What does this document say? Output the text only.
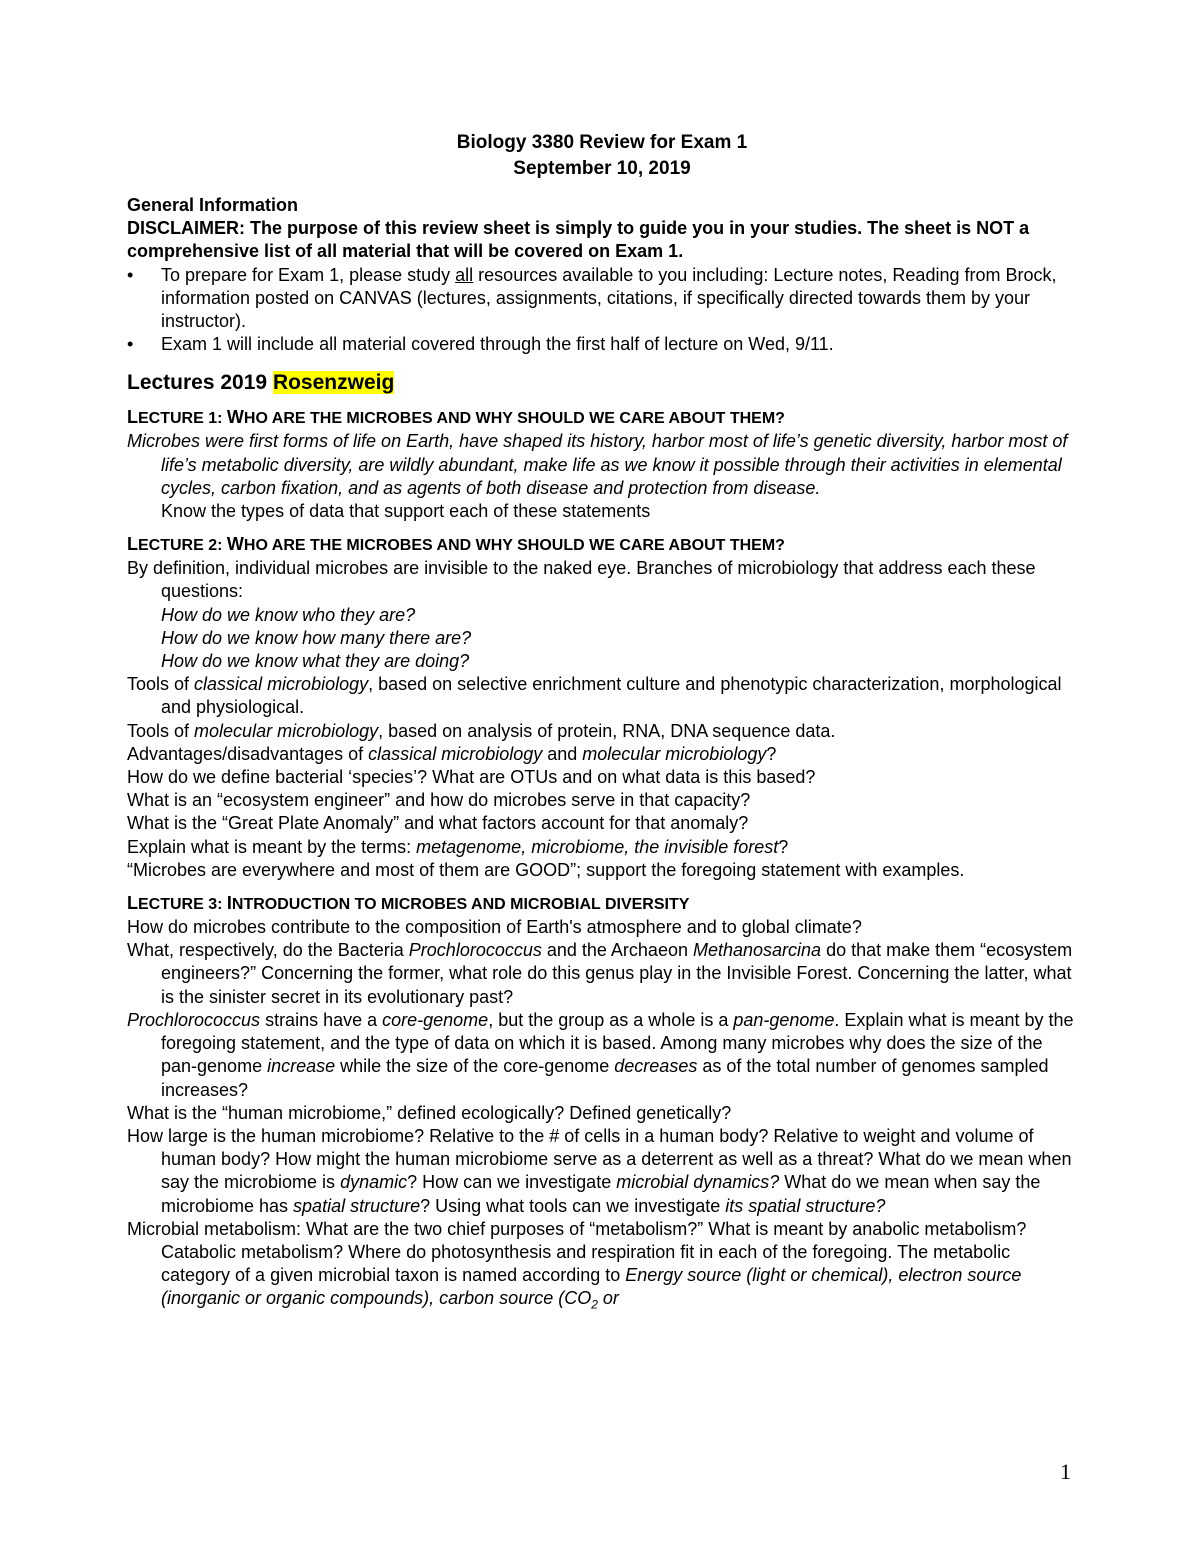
Biology 3380 Review for Exam 1
September 10, 2019
General Information
DISCLAIMER: The purpose of this review sheet is simply to guide you in your studies. The sheet is NOT a comprehensive list of all material that will be covered on Exam 1.
• To prepare for Exam 1, please study all resources available to you including: Lecture notes, Reading from Brock, information posted on CANVAS (lectures, assignments, citations, if specifically directed towards them by your instructor).
• Exam 1 will include all material covered through the first half of lecture on Wed, 9/11.
Lectures 2019 Rosenzweig
LECTURE 1: WHO ARE THE MICROBES AND WHY SHOULD WE CARE ABOUT THEM?

Microbes were first forms of life on Earth, have shaped its history, harbor most of life’s genetic diversity, harbor most of life’s metabolic diversity, are wildly abundant, make life as we know it possible through their activities in elemental cycles, carbon fixation, and as agents of both disease and protection from disease.

Know the types of data that support each of these statements

LECTURE 2: WHO ARE THE MICROBES AND WHY SHOULD WE CARE ABOUT THEM?

By definition, individual microbes are invisible to the naked eye. Branches of microbiology that address each these questions:

How do we know who they are?

How do we know how many there are?

How do we know what they are doing?

Tools of classical microbiology, based on selective enrichment culture and phenotypic characterization, morphological and physiological.

Tools of molecular microbiology, based on analysis of protein, RNA, DNA sequence data.

Advantages/disadvantages of classical microbiology and molecular microbiology?

How do we define bacterial ‘species’? What are OTUs and on what data is this based?

What is an “ecosystem engineer” and how do microbes serve in that capacity?

What is the “Great Plate Anomaly” and what factors account for that anomaly?

Explain what is meant by the terms: metagenome, microbiome, the invisible forest?

“Microbes are everywhere and most of them are GOOD”; support the foregoing statement with examples.

LECTURE 3: INTRODUCTION TO MICROBES AND MICROBIAL DIVERSITY

How do microbes contribute to the composition of Earth's atmosphere and to global climate?

What, respectively, do the Bacteria Prochlorococcus and the Archaeon Methanosarcina do that make them “ecosystem engineers?” Concerning the former, what role do this genus play in the Invisible Forest. Concerning the latter, what is the sinister secret in its evolutionary past?

Prochlorococcus strains have a core-genome, but the group as a whole is a pan-genome. Explain what is meant by the foregoing statement, and the type of data on which it is based. Among many microbes why does the size of the pan-genome increase while the size of the core-genome decreases as of the total number of genomes sampled increases?

What is the “human microbiome,” defined ecologically? Defined genetically?

How large is the human microbiome? Relative to the # of cells in a human body? Relative to weight and volume of human body? How might the human microbiome serve as a deterrent as well as a threat? What do we mean when say the microbiome is dynamic? How can we investigate microbial dynamics? What do we mean when say the microbiome has spatial structure? Using what tools can we investigate its spatial structure?

Microbial metabolism: What are the two chief purposes of “metabolism?” What is meant by anabolic metabolism? Catabolic metabolism? Where do photosynthesis and respiration fit in each of the foregoing. The metabolic category of a given microbial taxon is named according to Energy source (light or chemical), electron source (inorganic or organic compounds), carbon source ($CO_2$ or

1
